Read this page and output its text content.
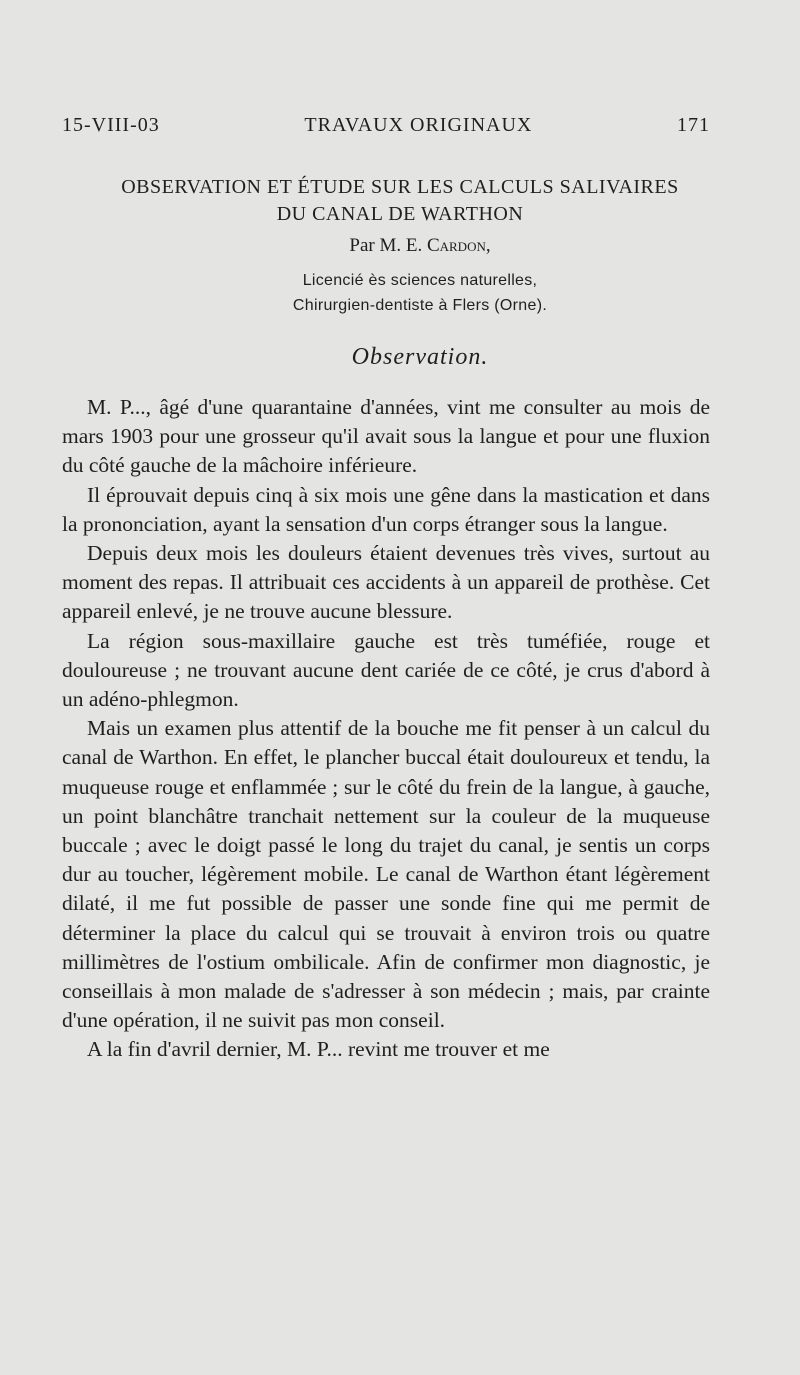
15-VIII-03	TRAVAUX ORIGINAUX	171
OBSERVATION ET ÉTUDE SUR LES CALCULS SALIVAIRES
DU CANAL DE WARTHON
Par M. E. Cardon,
Licencié ès sciences naturelles,
Chirurgien-dentiste à Flers (Orne).
Observation.

M. P..., âgé d'une quarantaine d'années, vint me consulter au mois de mars 1903 pour une grosseur qu'il avait sous la langue et pour une fluxion du côté gauche de la mâchoire inférieure.

Il éprouvait depuis cinq à six mois une gêne dans la mastication et dans la prononciation, ayant la sensation d'un corps étranger sous la langue.

Depuis deux mois les douleurs étaient devenues très vives, surtout au moment des repas. Il attribuait ces accidents à un appareil de prothèse. Cet appareil enlevé, je ne trouve aucune blessure.

La région sous-maxillaire gauche est très tuméfiée, rouge et douloureuse ; ne trouvant aucune dent cariée de ce côté, je crus d'abord à un adéno-phlegmon.

Mais un examen plus attentif de la bouche me fit penser à un calcul du canal de Warthon. En effet, le plancher buccal était douloureux et tendu, la muqueuse rouge et enflammée ; sur le côté du frein de la langue, à gauche, un point blanchâtre tranchait nettement sur la couleur de la muqueuse buccale ; avec le doigt passé le long du trajet du canal, je sentis un corps dur au toucher, légèrement mobile. Le canal de Warthon étant légèrement dilaté, il me fut possible de passer une sonde fine qui me permit de déterminer la place du calcul qui se trouvait à environ trois ou quatre millimètres de l'ostium ombilicale. Afin de confirmer mon diagnostic, je conseillais à mon malade de s'adresser à son médecin ; mais, par crainte d'une opération, il ne suivit pas mon conseil.

A la fin d'avril dernier, M. P... revint me trouver et me
